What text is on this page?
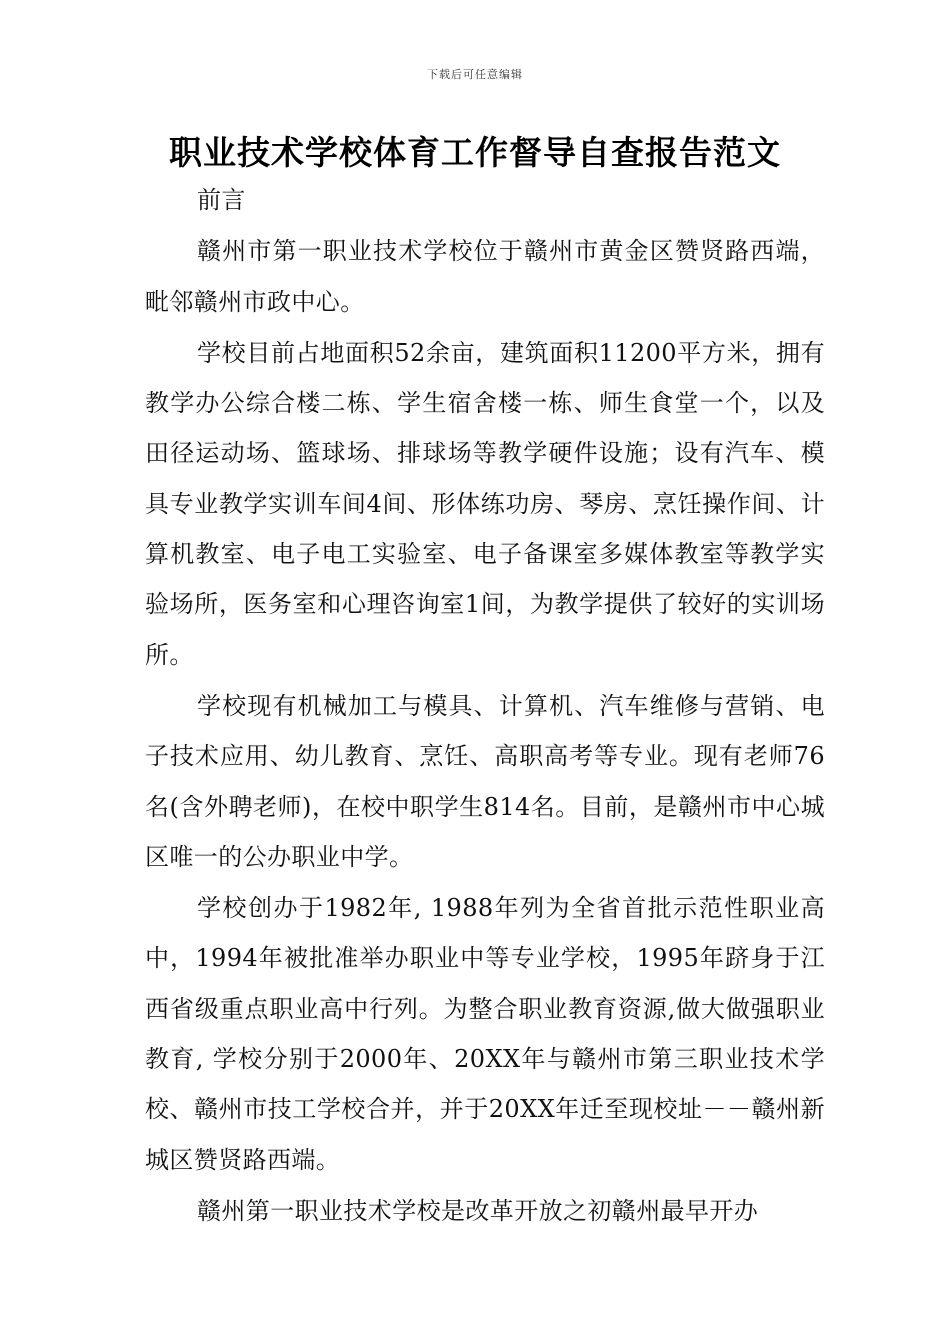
下载后可任意编辑
职业技术学校体育工作督导自查报告范文

前言

赣州市第一职业技术学校位于赣州市黄金区赞贤路西端，毗邻赣州市政中心。

学校目前占地面积52余亩，建筑面积11200平方米，拥有教学办公综合楼二栋、学生宿舍楼一栋、师生食堂一个，以及田径运动场、篮球场、排球场等教学硬件设施；设有汽车、模具专业教学实训车间4间、形体练功房、琴房、烹饪操作间、计算机教室、电子电工实验室、电子备课室多媒体教室等教学实验场所，医务室和心理咨询室1间，为教学提供了较好的实训场所。

学校现有机械加工与模具、计算机、汽车维修与营销、电子技术应用、幼儿教育、烹饪、高职高考等专业。现有老师76名(含外聘老师)，在校中职学生814名。目前，是赣州市中心城区唯一的公办职业中学。

学校创办于1982年, 1988年列为全省首批示范性职业高中，1994年被批准举办职业中等专业学校，1995年跻身于江西省级重点职业高中行列。为整合职业教育资源,做大做强职业教育, 学校分别于2000年、20XX年与赣州市第三职业技术学校、赣州市技工学校合并，并于20XX年迁至现校址－－赣州新城区赞贤路西端。

赣州第一职业技术学校是改革开放之初赣州最早开办
